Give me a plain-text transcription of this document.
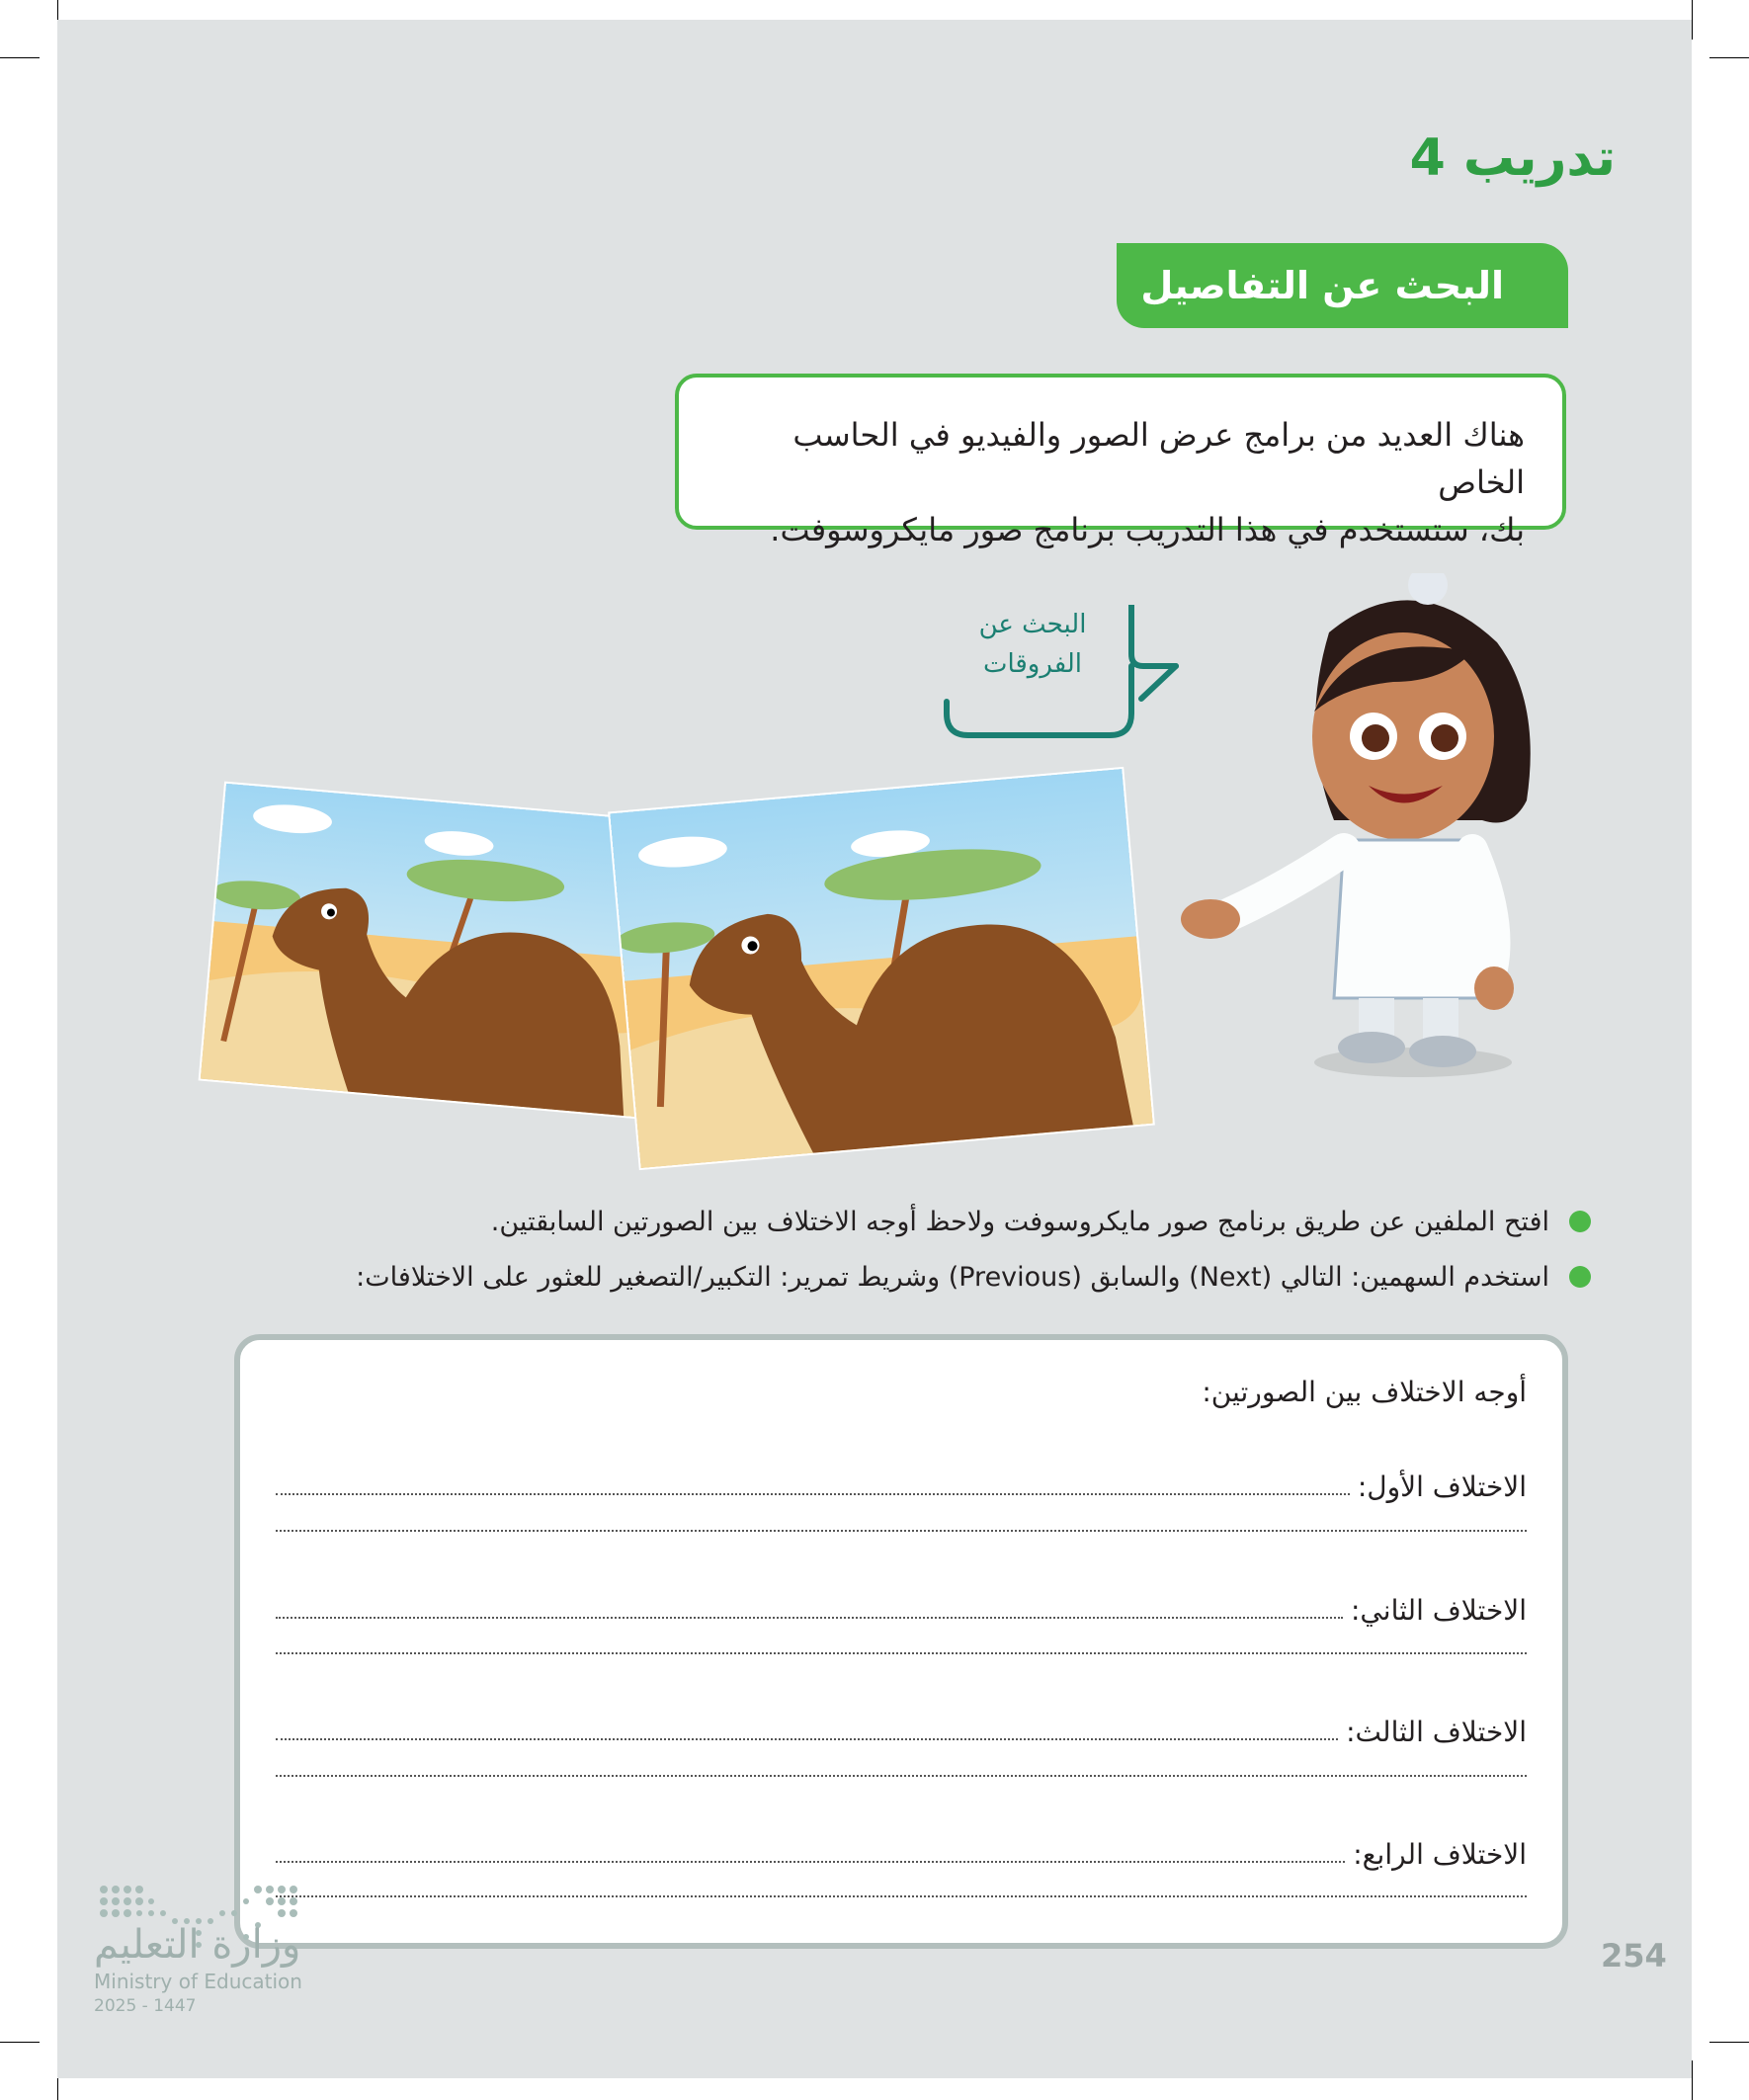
تدريب 4
البحث عن التفاصيل
هناك العديد من برامج عرض الصور والفيديو في الحاسب الخاص
بك، ستستخدم في هذا التدريب برنامج صور مايكروسوفت.
البحث عن
الفروقات
افتح الملفين عن طريق برنامج صور مايكروسوفت ولاحظ أوجه الاختلاف بين الصورتين السابقتين.
استخدم السهمين: التالي (Next) والسابق (Previous) وشريط تمرير: التكبير/التصغير للعثور على الاختلافات:
أوجه الاختلاف بين الصورتين:
الاختلاف الأول:
الاختلاف الثاني:
الاختلاف الثالث:
الاختلاف الرابع:
وزارة التعليم
Ministry of Education
2025 - 1447
254
